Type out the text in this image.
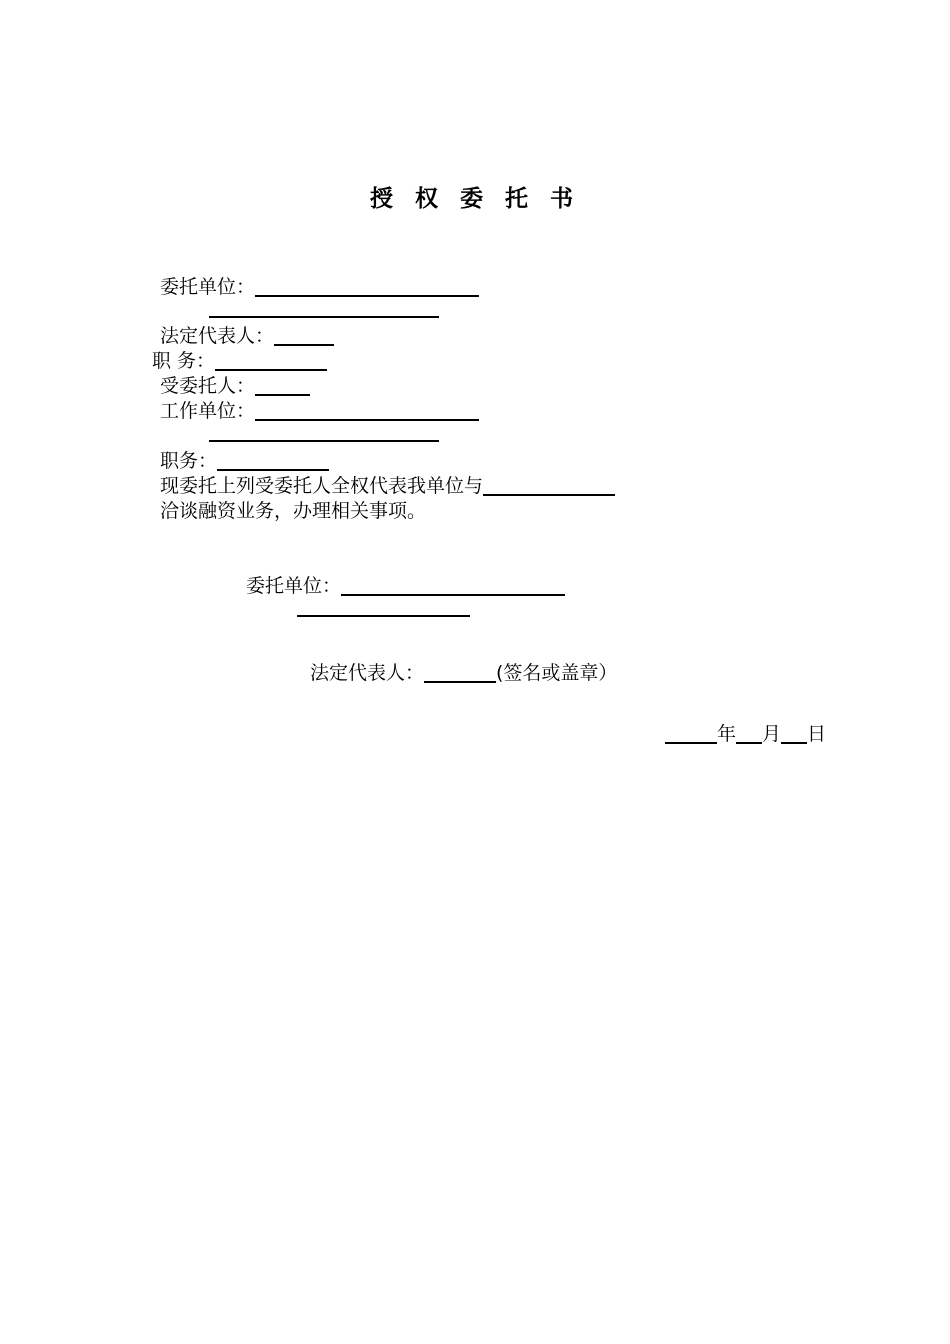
授 权 委 托 书
委托单位：
法定代表人：
职 务：
受委托人：
工作单位：
职务：
现委托上列受委托人全权代表我单位与
洽谈融资业务，办理相关事项。
委托单位：
法定代表人：	(签名或盖章）
年 月 日
